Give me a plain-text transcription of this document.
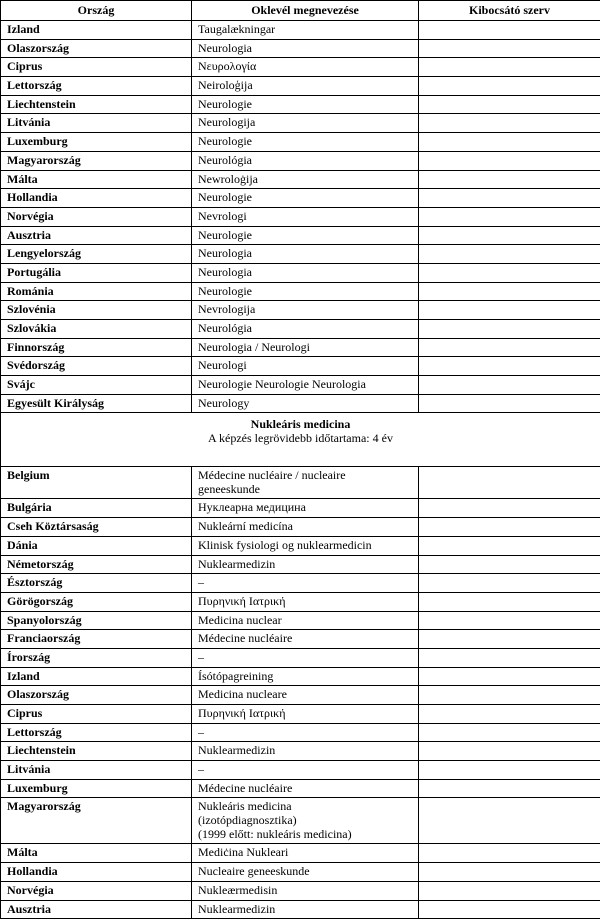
Ország	Oklevél megnevezése	Kibocsátó szerv
Izland	Taugalækningar	
Olaszország	Neurologia	
Ciprus	Νευρολογία	
Lettország	Neiroloģija	
Liechtenstein	Neurologie	
Litvánia	Neurologija	
Luxemburg	Neurologie	
Magyarország	Neurológia	
Málta	Newroloġija	
Hollandia	Neurologie	
Norvégia	Nevrologi	
Ausztria	Neurologie	
Lengyelország	Neurologia	
Portugália	Neurologia	
Románia	Neurologie	
Szlovénia	Nevrologija	
Szlovákia	Neurológia	
Finnország	Neurologia / Neurologi	
Svédország	Neurologi	
Svájc	Neurologie Neurologie Neurologia	
Egyesült Királyság	Neurology	

Nukleáris medicina
A képzés legrövidebb időtartama: 4 év		

Belgium	Médecine nucléaire / nucleaire
geneeskunde	

Bulgária	Нуклеарна медицина	

Cseh Köztársaság	Nukleární medicína	

Dánia	Klinisk fysiologi og nuklearmedicin	

Németország	Nuklearmedizin	

Észtország	–	

Görögország	Πυρηνική Ιατρική	

Spanyolország	Medicina nuclear	

Franciaország	Médecine nucléaire	

Írország	–	

Izland	Ísótópagreining	

Olaszország	Medicina nucleare	

Ciprus	Πυρηνική Ιατρική	

Lettország	–	

Liechtenstein	Nuklearmedizin	

Litvánia	–	

Luxemburg	Médecine nucléaire	

Magyarország	Nukleáris medicina
(izotópdiagnosztika)
(1999 előtt: nukleáris medicina)	

Málta	Mediċina Nukleari	

Hollandia	Nucleaire geneeskunde	

Norvégia	Nukleærmedisin	

Ausztria	Nuklearmedizin	
